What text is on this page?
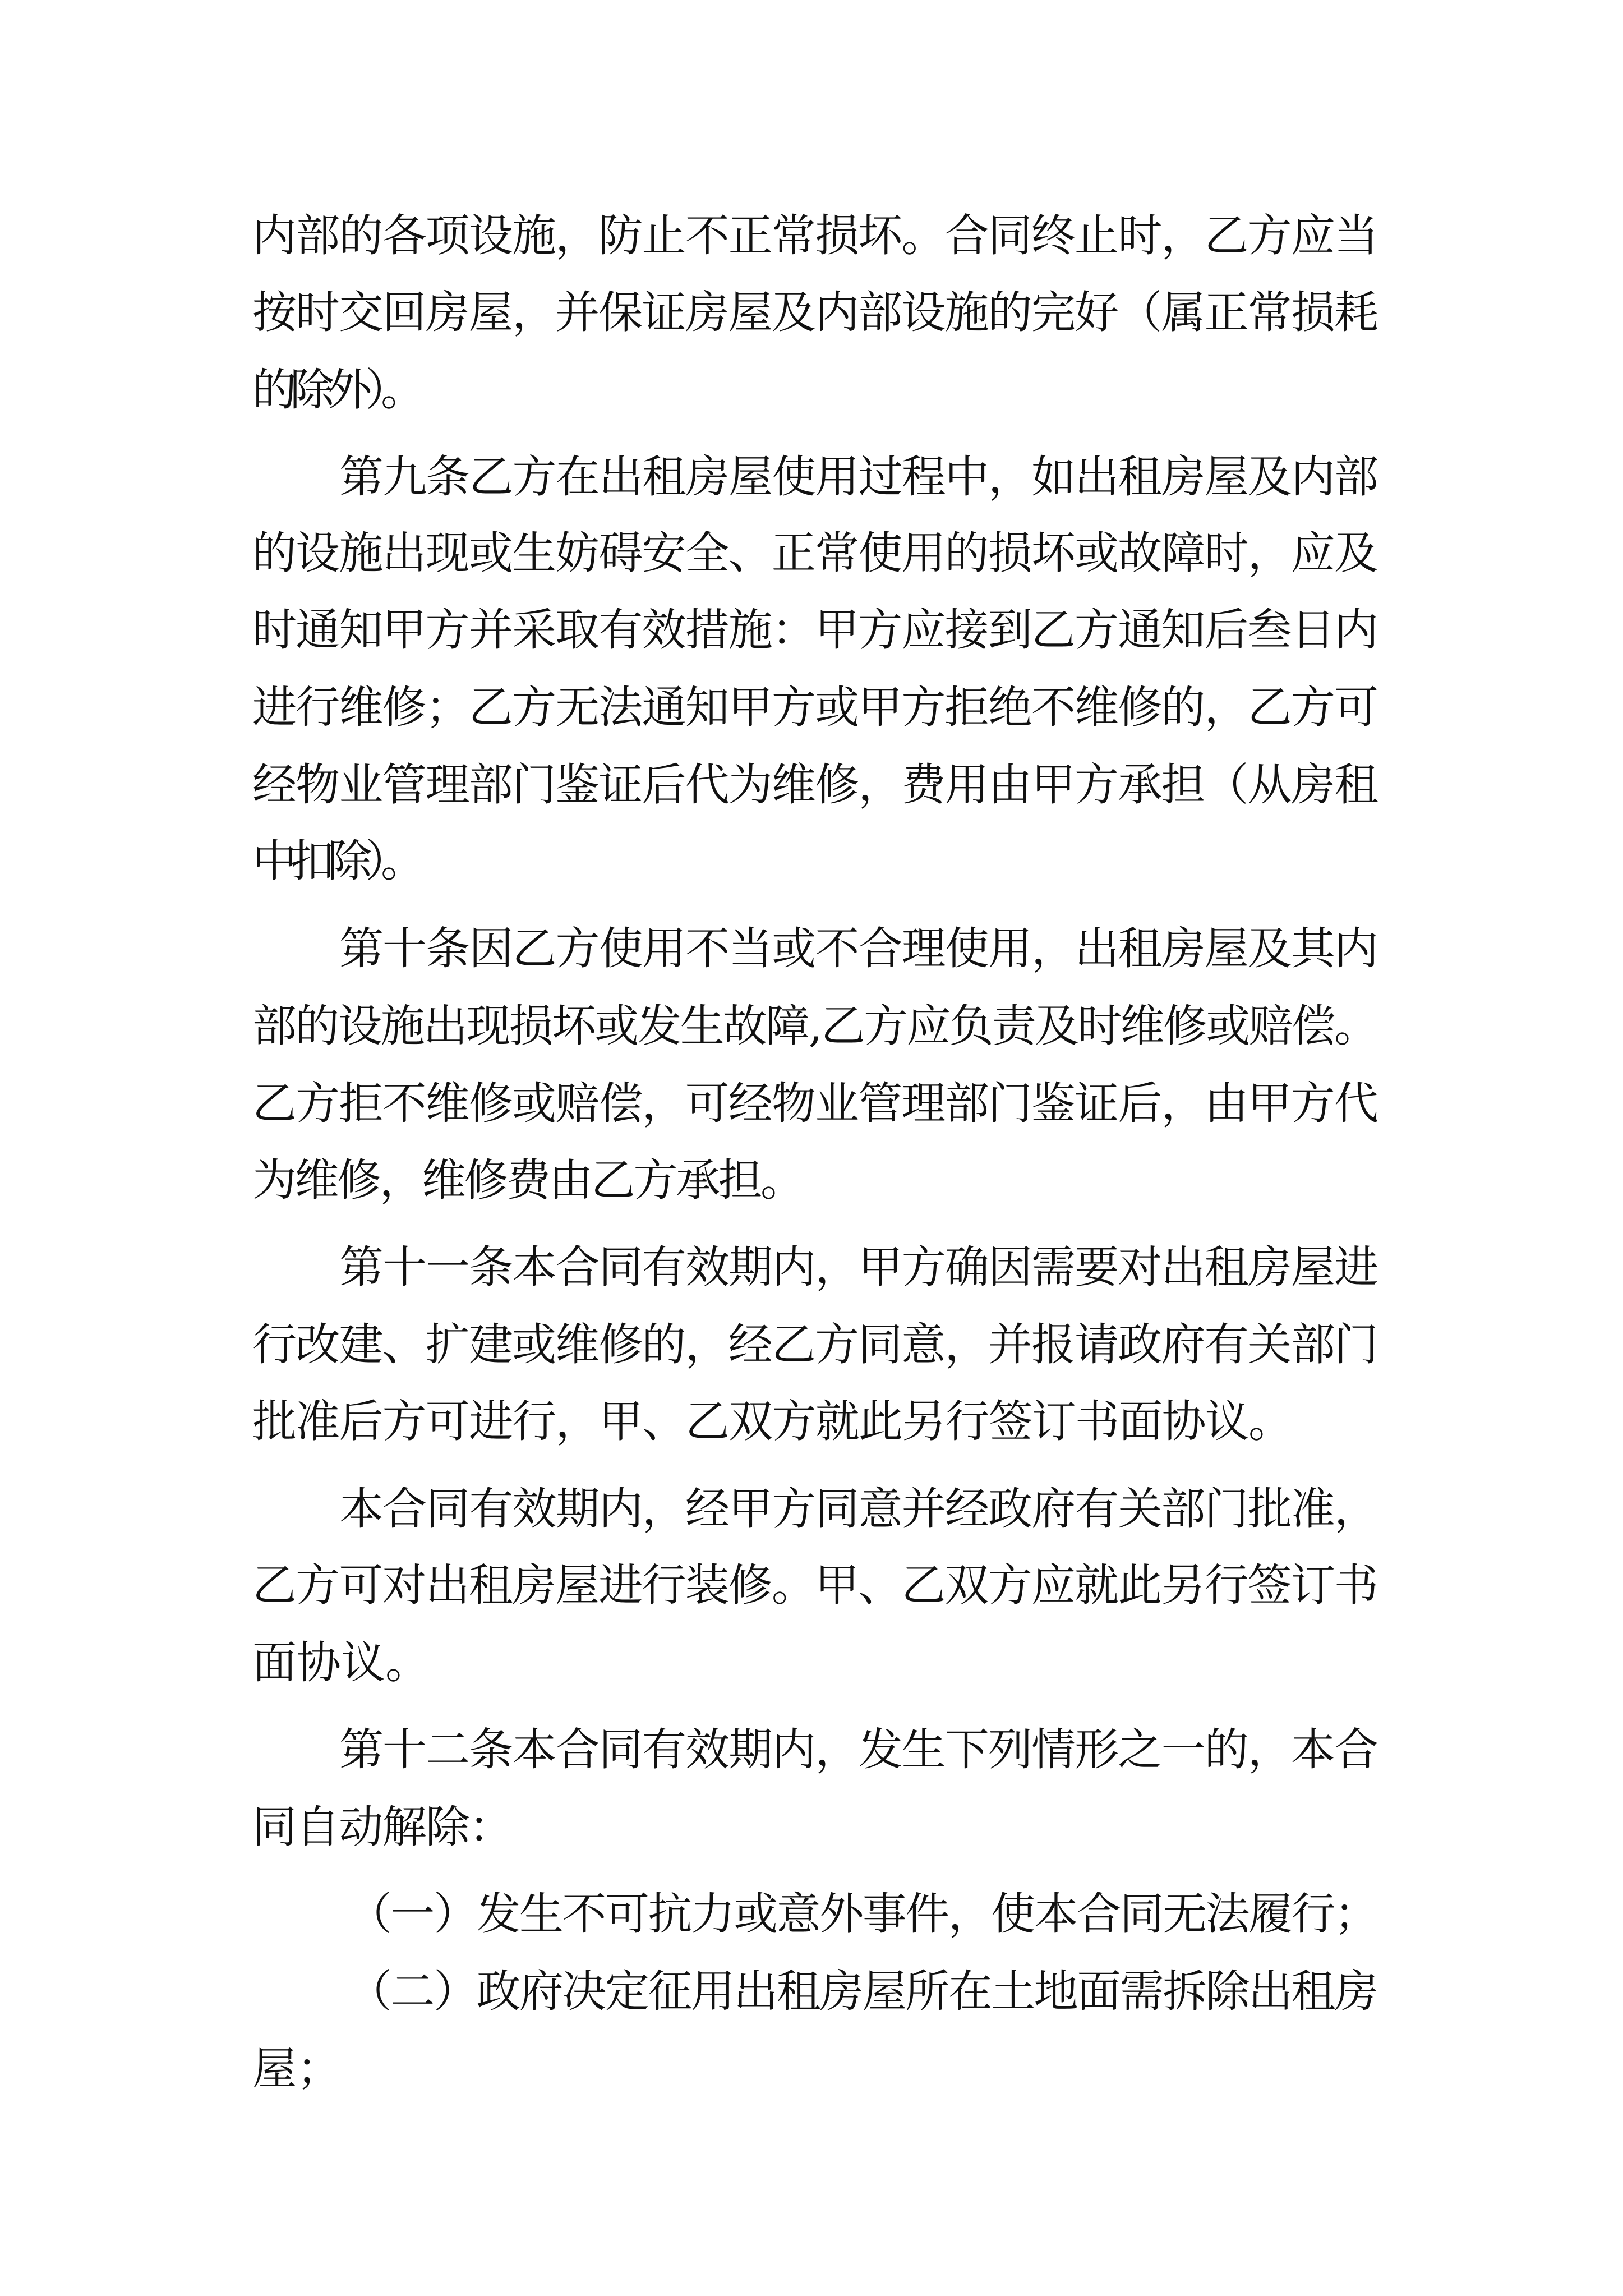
内部的各项设施，防止不正常损坏。合同终止时，乙方应当
按时交回房屋，并保证房屋及内部设施的完好（属正常损耗
的除外）。
第九条乙方在出租房屋使用过程中，如出租房屋及内部
的设施出现或生妨碍安全、正常使用的损坏或故障时，应及
时通知甲方并采取有效措施：甲方应接到乙方通知后叁日内
进行维修；乙方无法通知甲方或甲方拒绝不维修的，乙方可
经物业管理部门鉴证后代为维修，费用由甲方承担（从房租
中扣除）。
第十条因乙方使用不当或不合理使用，出租房屋及其内
部的设施出现损坏或发生故障,乙方应负责及时维修或赔偿。
乙方拒不维修或赔偿，可经物业管理部门鉴证后，由甲方代
为维修，维修费由乙方承担。
第十一条本合同有效期内，甲方确因需要对出租房屋进
行改建、扩建或维修的，经乙方同意，并报请政府有关部门
批准后方可进行，甲、乙双方就此另行签订书面协议。
本合同有效期内，经甲方同意并经政府有关部门批准，
乙方可对出租房屋进行装修。甲、乙双方应就此另行签订书
面协议。
第十二条本合同有效期内，发生下列情形之一的，本合
同自动解除：
（一）发生不可抗力或意外事件，使本合同无法履行；
（二）政府决定征用出租房屋所在土地面需拆除出租房
屋；
